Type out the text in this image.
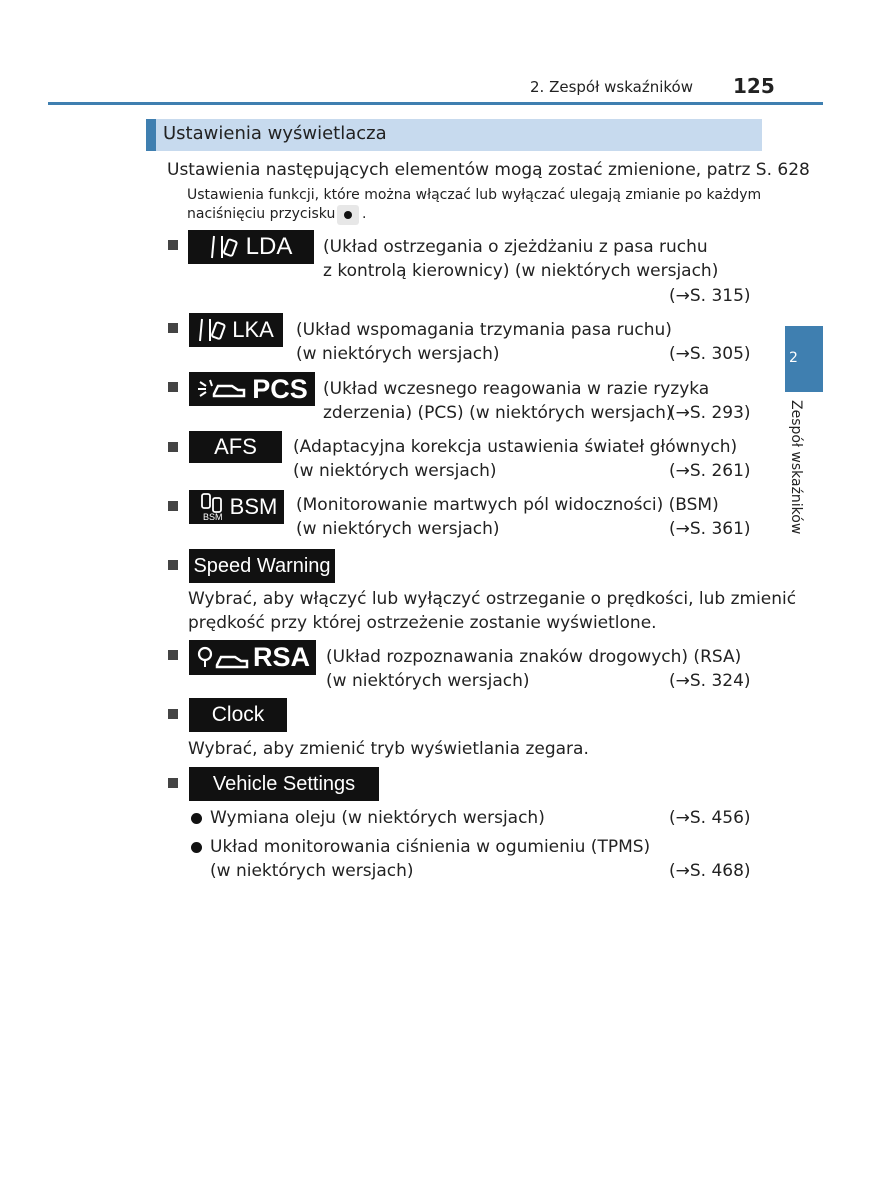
2. Zespół wskaźników 125
2
Zespół wskaźników
Ustawienia wyświetlacza
Ustawienia następujących elementów mogą zostać zmienione, patrz S. 628
Ustawienia funkcji, które można włączać lub wyłączać ulegają zmianie po każdym
naciśnięciu przycisku .
LDA (Układ ostrzegania o zjeżdżaniu z pasa ruchu
z kontrolą kierownicy) (w niektórych wersjach)
(→S. 315)
LKA (Układ wspomagania trzymania pasa ruchu)
(w niektórych wersjach)	(→S. 305)
PCS (Układ wczesnego reagowania w razie ryzyka
zderzenia) (PCS) (w niektórych wersjach)
(→S. 293)
AFS (Adaptacyjna korekcja ustawienia świateł głównych)
(w niektórych wersjach)	(→S. 261)
BSM
BSM
(Monitorowanie martwych pól widoczności) (BSM)
(w niektórych wersjach)	(→S. 361)
Speed Warning
Wybrać, aby włączyć lub wyłączyć ostrzeganie o prędkości, lub zmienić
prędkość przy której ostrzeżenie zostanie wyświetlone.
RSA (Układ rozpoznawania znaków drogowych) (RSA)
(w niektórych wersjach)	(→S. 324)
Clock
Wybrać, aby zmienić tryb wyświetlania zegara.
Vehicle Settings
Wymiana oleju (w niektórych wersjach)	(→S. 456)
Układ monitorowania ciśnienia w ogumieniu (TPMS)
(w niektórych wersjach)	(→S. 468)
